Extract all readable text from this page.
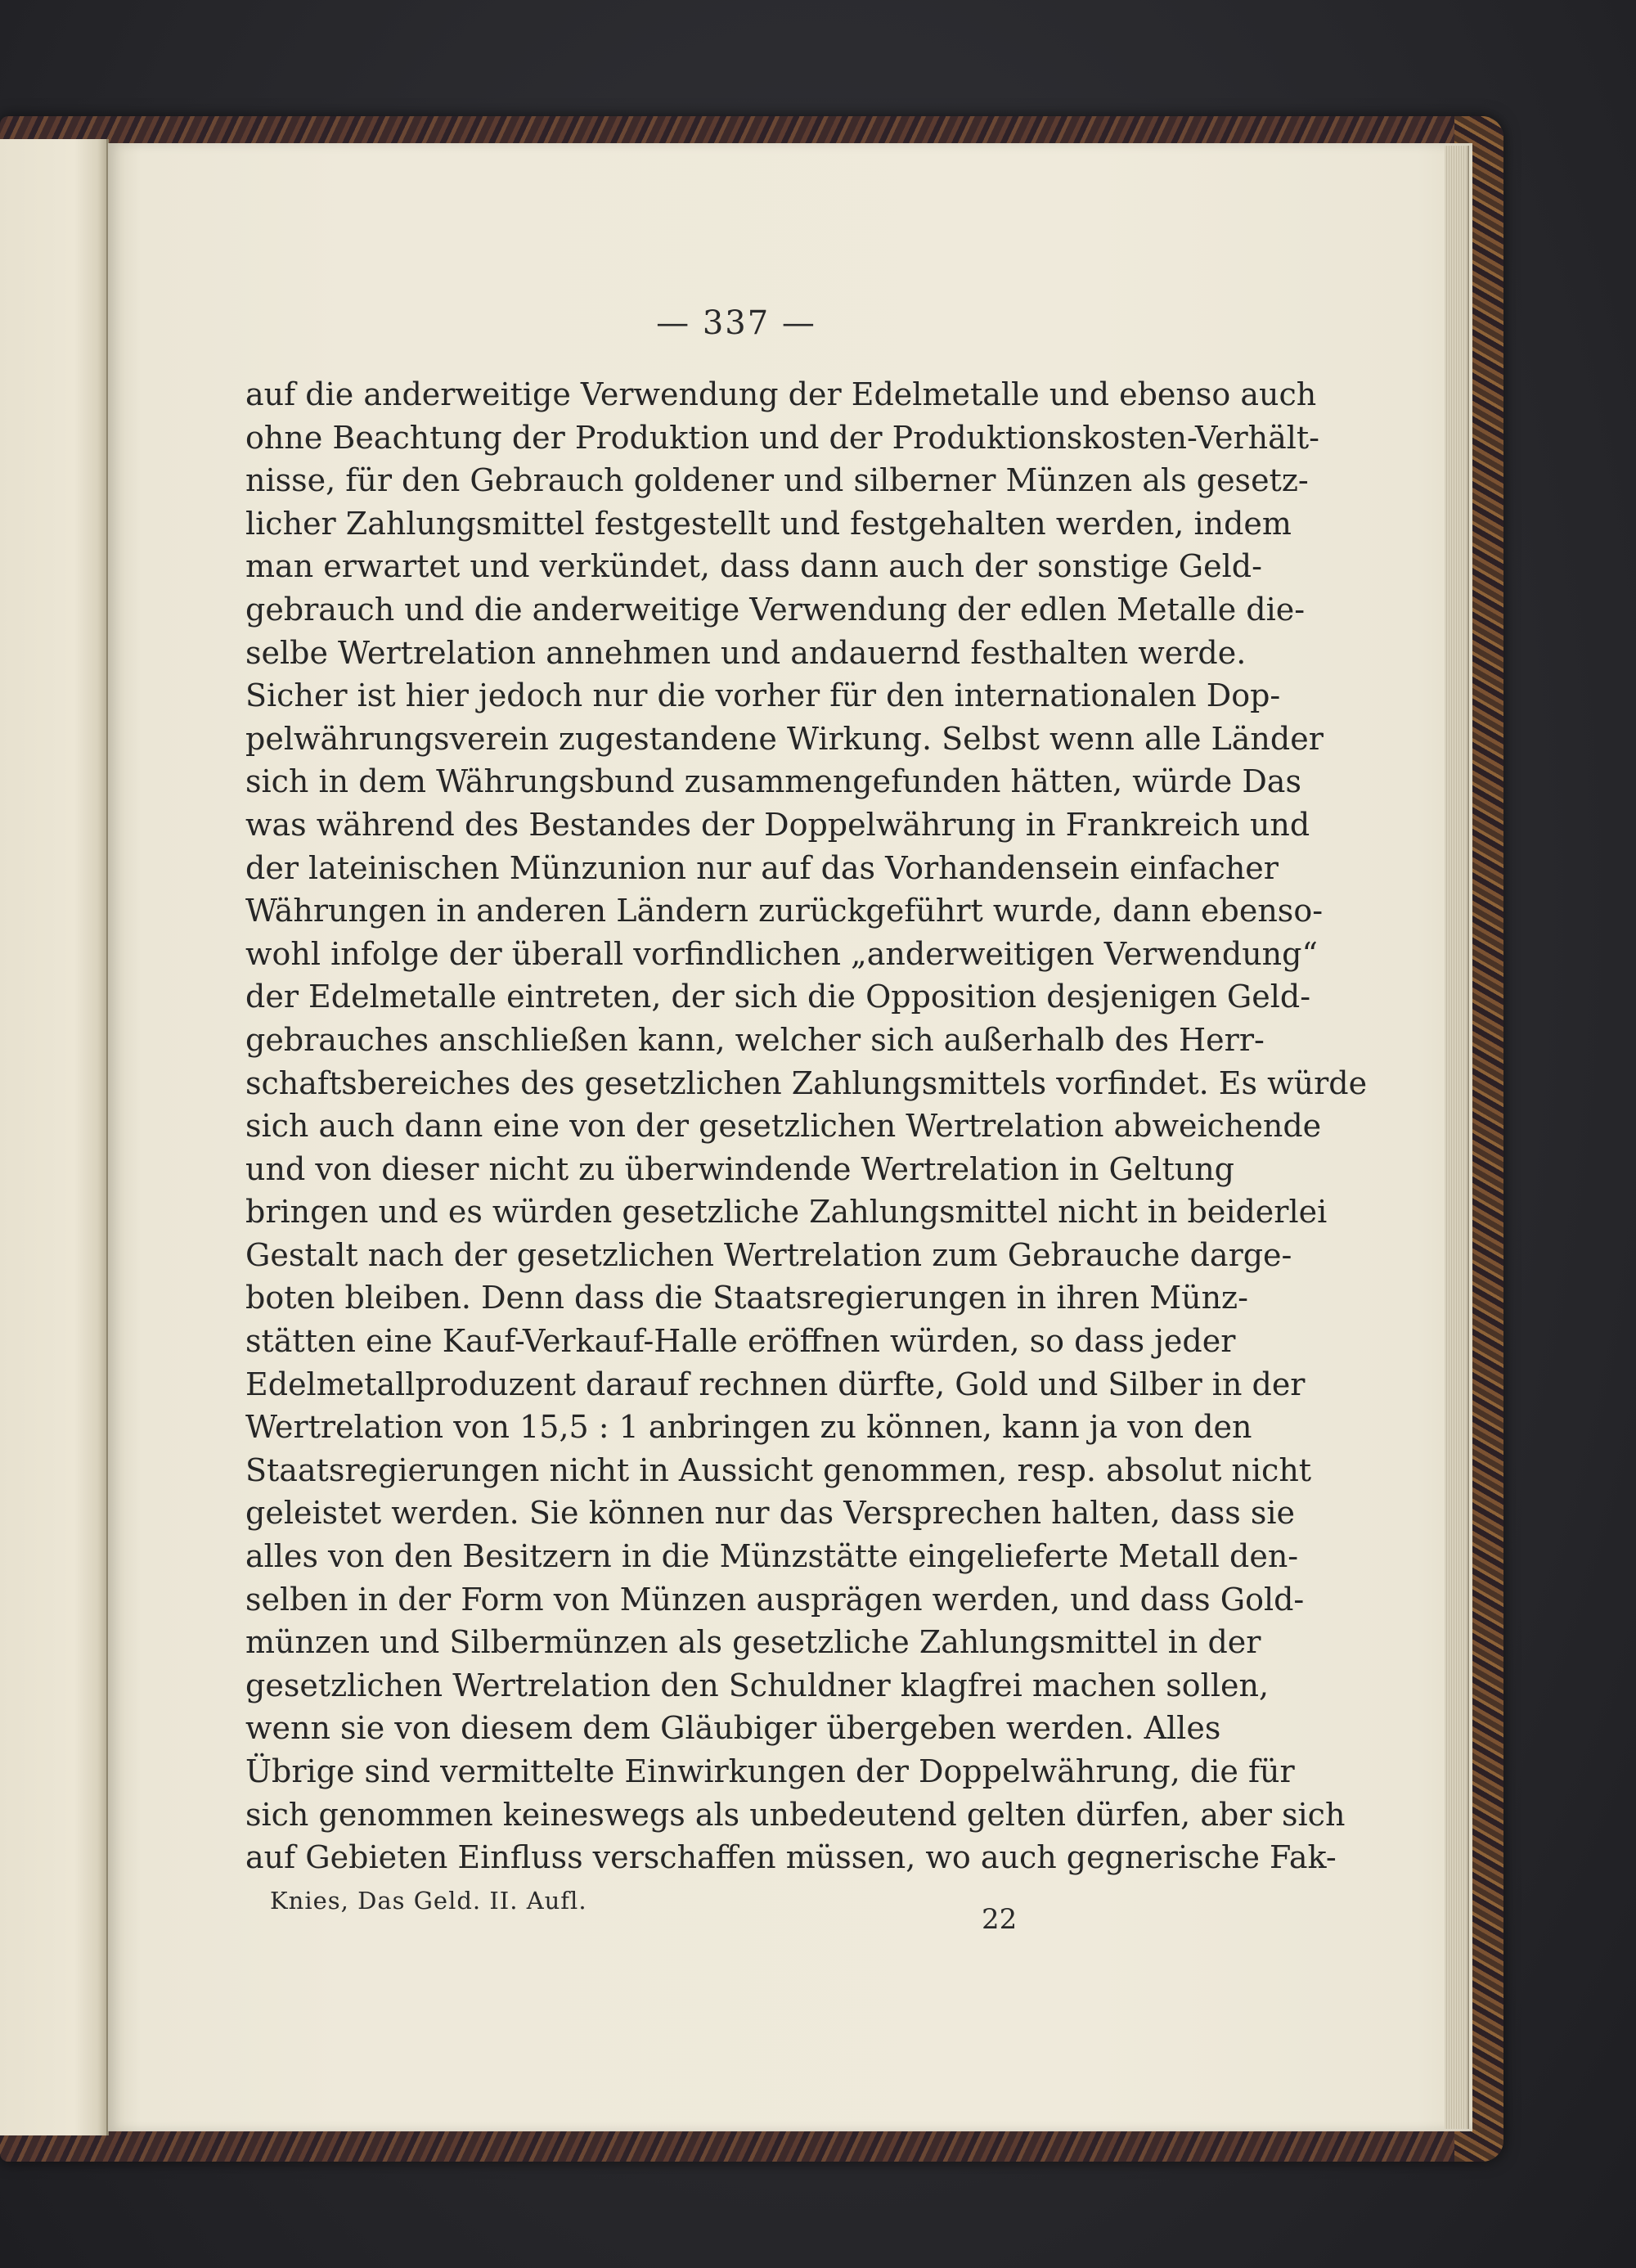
— 337 —
auf die anderweitige Verwendung der Edelmetalle und ebenso auch
ohne Beachtung der Produktion und der Produktionskosten-Verhält-
nisse, für den Gebrauch goldener und silberner Münzen als gesetz-
licher Zahlungsmittel festgestellt und festgehalten werden, indem
man erwartet und verkündet, dass dann auch der sonstige Geld-
gebrauch und die anderweitige Verwendung der edlen Metalle die-
selbe Wertrelation annehmen und andauernd festhalten werde.
Sicher ist hier jedoch nur die vorher für den internationalen Dop-
pelwährungsverein zugestandene Wirkung. Selbst wenn alle Länder
sich in dem Währungsbund zusammengefunden hätten, würde Das
was während des Bestandes der Doppelwährung in Frankreich und
der lateinischen Münzunion nur auf das Vorhandensein einfacher
Währungen in anderen Ländern zurückgeführt wurde, dann ebenso-
wohl infolge der überall vorfindlichen „anderweitigen Verwendung“
der Edelmetalle eintreten, der sich die Opposition desjenigen Geld-
gebrauches anschließen kann, welcher sich außerhalb des Herr-
schaftsbereiches des gesetzlichen Zahlungsmittels vorfindet. Es würde
sich auch dann eine von der gesetzlichen Wertrelation abweichende
und von dieser nicht zu überwindende Wertrelation in Geltung
bringen und es würden gesetzliche Zahlungsmittel nicht in beiderlei
Gestalt nach der gesetzlichen Wertrelation zum Gebrauche darge-
boten bleiben. Denn dass die Staatsregierungen in ihren Münz-
stätten eine Kauf-Verkauf-Halle eröffnen würden, so dass jeder
Edelmetallproduzent darauf rechnen dürfte, Gold und Silber in der
Wertrelation von 15,5 : 1 anbringen zu können, kann ja von den
Staatsregierungen nicht in Aussicht genommen, resp. absolut nicht
geleistet werden. Sie können nur das Versprechen halten, dass sie
alles von den Besitzern in die Münzstätte eingelieferte Metall den-
selben in der Form von Münzen ausprägen werden, und dass Gold-
münzen und Silbermünzen als gesetzliche Zahlungsmittel in der
gesetzlichen Wertrelation den Schuldner klagfrei machen sollen,
wenn sie von diesem dem Gläubiger übergeben werden. Alles
Übrige sind vermittelte Einwirkungen der Doppelwährung, die für
sich genommen keineswegs als unbedeutend gelten dürfen, aber sich
auf Gebieten Einfluss verschaffen müssen, wo auch gegnerische Fak-
Knies, Das Geld. II. Aufl.
22
